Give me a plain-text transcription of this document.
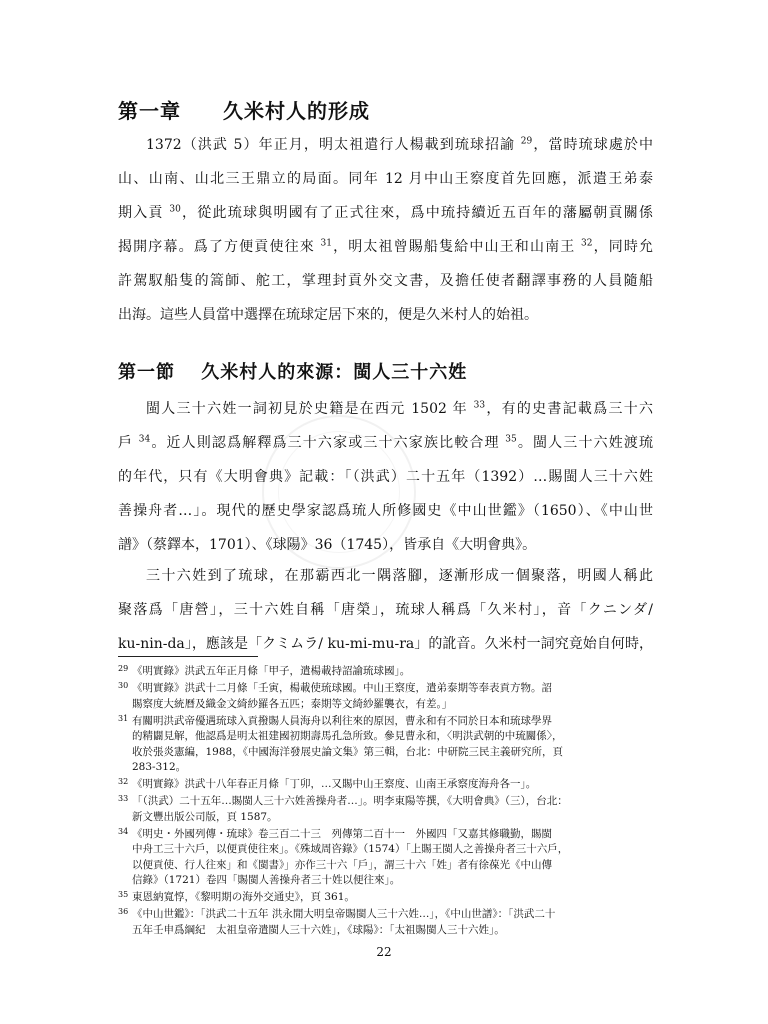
第一章　　久米村人的形成
1372（洪武 5）年正月，明太祖遣行人楊載到琉球招諭 $^{29}$，當時琉球處於中
山、山南、山北三王鼎立的局面。同年 12 月中山王察度首先回應，派遣王弟泰
期入貢 $^{30}$，從此琉球與明國有了正式往來，爲中琉持續近五百年的藩屬朝貢關係
揭開序幕。爲了方便貢使往來 $^{31}$，明太祖曾賜船隻給中山王和山南王 $^{32}$，同時允
許駕馭船隻的篙師、舵工，掌理封貢外交文書，及擔任使者翻譯事務的人員隨船
出海。這些人員當中選擇在琉球定居下來的，便是久米村人的始祖。
第一節　 久米村人的來源：閩人三十六姓
閩人三十六姓一詞初見於史籍是在西元 1502 年 $^{33}$，有的史書記載爲三十六
戶 $^{34}$。近人則認爲解釋爲三十六家或三十六家族比較合理 $^{35}$。閩人三十六姓渡琉
的年代，只有《大明會典》記載：「（洪武）二十五年（1392）…賜閩人三十六姓
善操舟者…」。現代的歷史學家認爲琉人所修國史《中山世鑑》（1650）、《中山世
譜》（蔡鐸本，1701）、《球陽》36（1745），皆承自《大明會典》。
三十六姓到了琉球，在那霸西北一隅落腳，逐漸形成一個聚落，明國人稱此
聚落爲「唐營」，三十六姓自稱「唐榮」，琉球人稱爲「久米村」，音「クニンダ/
ku-nin-da」，應該是「クミムラ/ ku-mi-mu-ra」的訛音。久米村一詞究竟始自何時，
29 《明實錄》洪武五年正月條「甲子，遣楊載持詔諭琉球國」。
30 《明實錄》洪武十二月條「壬寅，楊載使琉球國。中山王察度，遣弟泰期等奉表貢方物。詔
賜察度大統曆及織金文綺紗羅各五匹；泰期等文綺紗羅襲衣，有差。」
31 有關明洪武帝優遇琉球入貢撥賜人員海舟以利往來的原因，曹永和有不同於日本和琉球學界
的精闢見解，他認爲是明太祖建國初期壽馬孔急所致。參見曹永和，〈明洪武朝的中琉關係〉，
收於張炎憲編，1988，《中國海洋發展史論文集》第三輯，台北：中研院三民主義研究所，頁
283-312。
32 《明實錄》洪武十八年春正月條「丁卯，…又賜中山王察度、山南王承察度海舟各一」。
33 「（洪武）二十五年…賜閩人三十六姓善操舟者…」。明李東陽等撰，《大明會典》（三），台北：
新文豐出版公司版，頁 1587。
34 《明史・外國列傳・琉球》卷三百二十三　列傳第二百十一　外國四「又嘉其修職勤，賜閩
中舟工三十六戶，以便貢使往來」。《殊域周咨錄》（1574）「上賜王閩人之善操舟者三十六戶，
以便貢使、行人往來」和《閩書》」亦作三十六「戶」，謂三十六「姓」者有徐葆光《中山傳
信錄》（1721）卷四「賜閩人善操舟者三十姓以便往來」。
35 東恩納寬惇，《黎明期の海外交通史》，頁 361。
36 《中山世鑑》：「洪武二十五年 洪永閒大明皇帝賜閩人三十六姓…」，《中山世譜》：「洪武二十
五年壬申爲綱紀　太祖皇帝遣閩人三十六姓」，《球陽》：「太祖賜閩人三十六姓」。
22
